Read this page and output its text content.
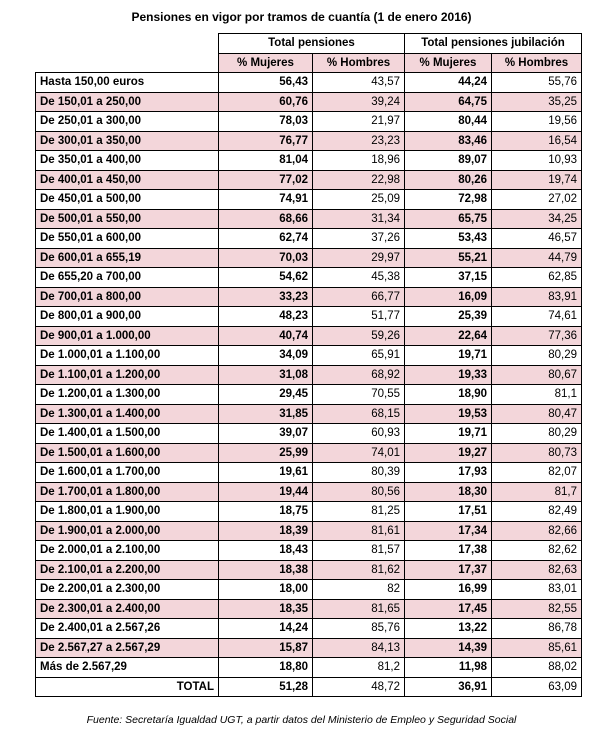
Pensiones en vigor por tramos de cuantía (1 de enero 2016)
	Total pensiones		Total pensiones jubilación	
	% Mujeres	% Hombres	% Mujeres	% Hombres
Hasta 150,00 euros	56,43	43,57	44,24	55,76
De 150,01 a 250,00	60,76	39,24	64,75	35,25
De 250,01 a 300,00	78,03	21,97	80,44	19,56
De 300,01 a 350,00	76,77	23,23	83,46	16,54
De 350,01 a 400,00	81,04	18,96	89,07	10,93
De 400,01 a 450,00	77,02	22,98	80,26	19,74
De 450,01 a 500,00	74,91	25,09	72,98	27,02
De 500,01 a 550,00	68,66	31,34	65,75	34,25
De 550,01 a 600,00	62,74	37,26	53,43	46,57
De 600,01 a 655,19	70,03	29,97	55,21	44,79
De 655,20 a 700,00	54,62	45,38	37,15	62,85
De 700,01 a 800,00	33,23	66,77	16,09	83,91
De 800,01 a 900,00	48,23	51,77	25,39	74,61
De 900,01 a 1.000,00	40,74	59,26	22,64	77,36
De 1.000,01 a 1.100,00	34,09	65,91	19,71	80,29
De 1.100,01 a 1.200,00	31,08	68,92	19,33	80,67
De 1.200,01 a 1.300,00	29,45	70,55	18,90	81,1
De 1.300,01 a 1.400,00	31,85	68,15	19,53	80,47
De 1.400,01 a 1.500,00	39,07	60,93	19,71	80,29
De 1.500,01 a 1.600,00	25,99	74,01	19,27	80,73
De 1.600,01 a 1.700,00	19,61	80,39	17,93	82,07
De 1.700,01 a 1.800,00	19,44	80,56	18,30	81,7
De 1.800,01 a 1.900,00	18,75	81,25	17,51	82,49
De 1.900,01 a 2.000,00	18,39	81,61	17,34	82,66
De 2.000,01 a 2.100,00	18,43	81,57	17,38	82,62
De 2.100,01 a 2.200,00	18,38	81,62	17,37	82,63
De 2.200,01 a 2.300,00	18,00	82	16,99	83,01
De 2.300,01 a 2.400,00	18,35	81,65	17,45	82,55
De 2.400,01 a 2.567,26	14,24	85,76	13,22	86,78
De 2.567,27 a 2.567,29	15,87	84,13	14,39	85,61
Más de 2.567,29	18,80	81,2	11,98	88,02
TOTAL	51,28	48,72	36,91	63,09
Fuente: Secretaría Igualdad UGT, a partir datos del Ministerio de Empleo y Seguridad Social
